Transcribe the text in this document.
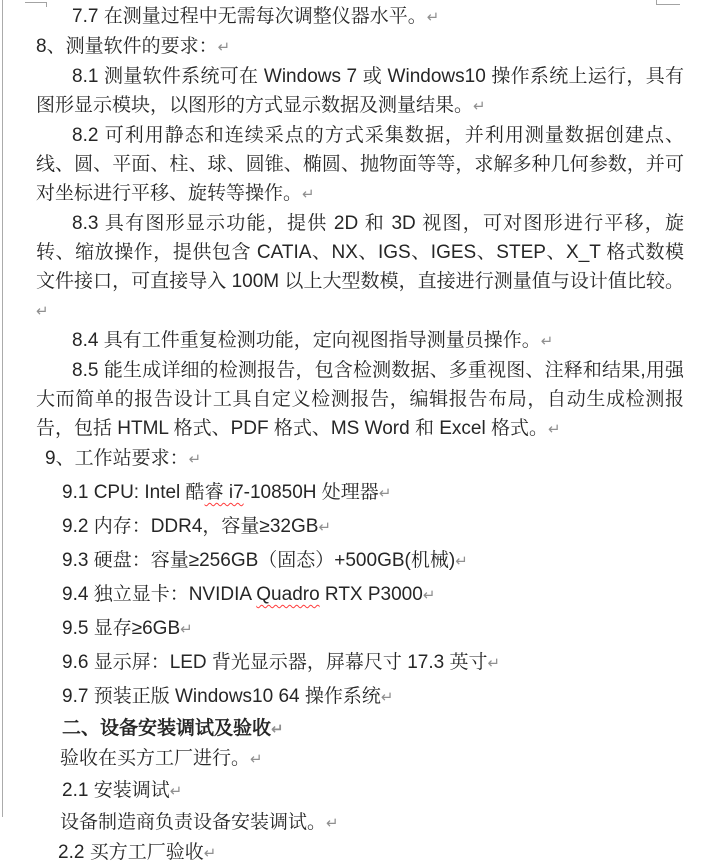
7.7 在测量过程中无需每次调整仪器水平。↵

8、测量软件的要求：↵

8.1 测量软件系统可在 Windows 7 或 Windows10 操作系统上运行，具有图形显示模块，以图形的方式显示数据及测量结果。↵

8.2 可利用静态和连续采点的方式采集数据，并利用测量数据创建点、线、圆、平面、柱、球、圆锥、椭圆、抛物面等等，求解多种几何参数，并可对坐标进行平移、旋转等操作。↵

8.3 具有图形显示功能，提供 2D 和 3D 视图，可对图形进行平移，旋转、缩放操作，提供包含 CATIA、NX、IGS、IGES、STEP、X_T 格式数模文件接口，可直接导入 100M 以上大型数模，直接进行测量值与设计值比较。↵

8.4 具有工件重复检测功能，定向视图指导测量员操作。↵

8.5 能生成详细的检测报告，包含检测数据、多重视图、注释和结果,用强大而简单的报告设计工具自定义检测报告，编辑报告布局，自动生成检测报告，包括 HTML 格式、PDF 格式、MS Word 和 Excel 格式。↵

9、工作站要求：↵

9.1 CPU: Intel 酷睿 i7-10850H 处理器↵

9.2 内存：DDR4，容量≥32GB↵

9.3 硬盘：容量≥256GB（固态）+500GB(机械)↵

9.4 独立显卡：NVIDIA Quadro RTX P3000↵

9.5 显存≥6GB↵

9.6 显示屏：LED 背光显示器，屏幕尺寸 17.3 英寸↵

9.7 预装正版 Windows10 64 操作系统↵

二、设备安装调试及验收↵

验收在买方工厂进行。↵

2.1 安装调试↵

设备制造商负责设备安装调试。↵

2.2 买方工厂验收↵
